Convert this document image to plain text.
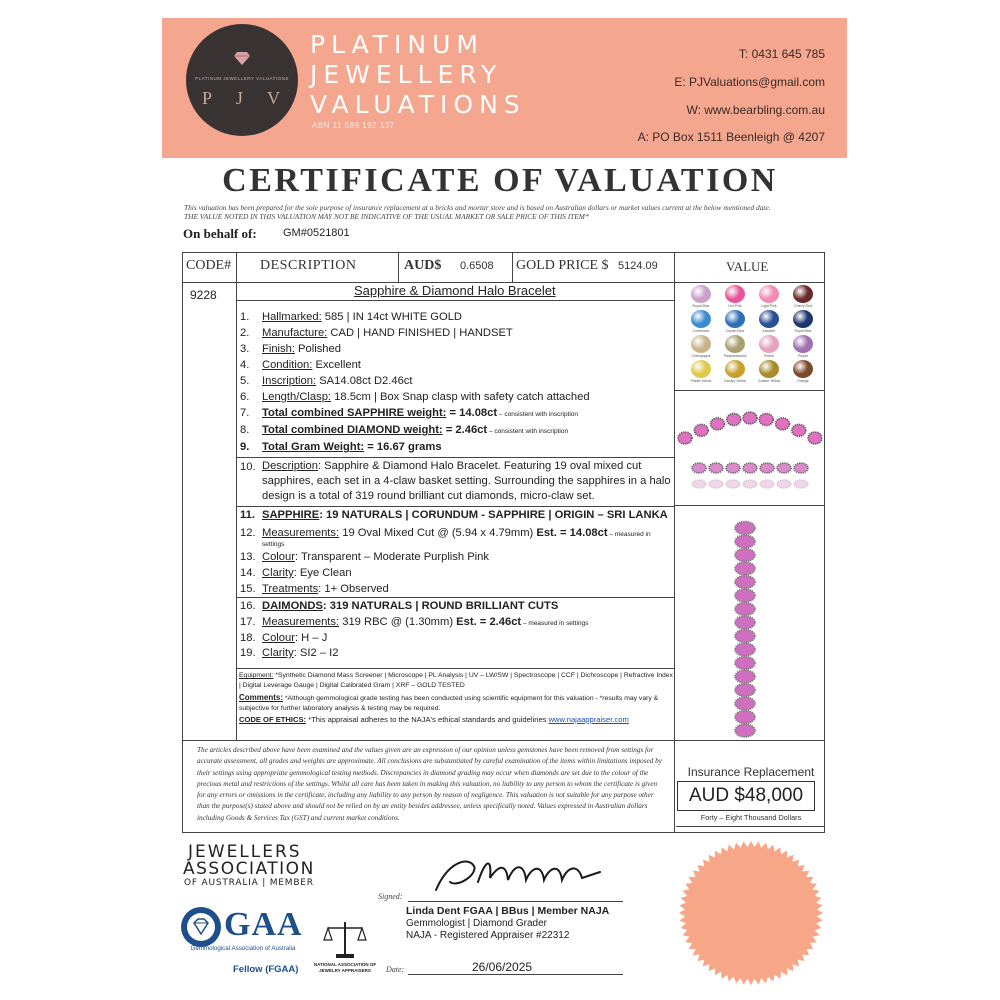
PLATINUM JEWELLERY VALUATIONS
P J V
PLATINUM
JEWELLERY
VALUATIONS
ABN 11 588 192 137
T: 0431 645 785
E: PJValuations@gmail.com
W: www.bearbling.com.au
A: PO Box 1511 Beenleigh @ 4207
CERTIFICATE OF VALUATION
This valuation has been prepared for the sole purpose of insurance replacement at a bricks and mortar store and is based on Australian dollars or market values current at the below mentioned date.
THE VALUE NOTED IN THIS VALUATION MAY NOT BE INDICATIVE OF THE USUAL MARKET OR SALE PRICE OF THIS ITEM*
On behalf of: GM#0521801
CODE# DESCRIPTION	AUD$ 0.6508 GOLD PRICE $ 5124.09	VALUE
9228	Sapphire & Diamond Halo Bracelet
1. Hallmarked: 585 | IN 14ct WHITE GOLD
2. Manufacture: CAD | HAND FINISHED | HANDSET
3. Finish: Polished
4. Condition: Excellent
5. Inscription: SA14.08ct D2.46ct
6. Length/Clasp: 18.5cm | Box Snap clasp with safety catch attached
7. Total combined SAPPHIRE weight: = 14.08ct – consistent with inscription
8. Total combined DIAMOND weight: = 2.46ct – consistent with inscription
9. Total Gram Weight: = 16.67 grams
10. Description: Sapphire & Diamond Halo Bracelet. Featuring 19 oval mixed cut sapphires, each set in a 4-claw basket setting. Surrounding the sapphires in a halo design is a total of 319 round brilliant cut diamonds, micro-claw set.
11. SAPPHIRE: 19 NATURALS | CORUNDUM - SAPPHIRE | ORIGIN – SRI LANKA
12. Measurements: 19 Oval Mixed Cut @ (5.94 x 4.79mm) Est. = 14.08ct – measured in
settings
13. Colour: Transparent – Moderate Purplish Pink
14. Clarity: Eye Clean
15. Treatments: 1+ Observed
16. DAIMONDS: 319 NATURALS | ROUND BRILLIANT CUTS
17. Measurements: 319 RBC @ (1.30mm) Est. = 2.46ct – measured in settings
18. Colour: H – J
19. Clarity: SI2 – I2
Equipment: *Synthetic Diamond Mass Screener | Microscope | PL Analysis | UV – LW/SW | Spectroscope | CCF | Dichroscope | Refractive Index | Digital Leverage Gauge | Digital Calibrated Gram | XRF – GOLD TESTED
Comments: *Although gemmological grade testing has been conducted using scientific equipment for this valuation - *results may vary & subjective for further laboratory analysis & testing may be required.
CODE OF ETHICS: *This appraisal adheres to the NAJA's ethical standards and guidelines www.najaappraiser.com
Royal Blue	Hot Pink	Light Pink	Cherry Red
Cornflower	Ceylon Blue	Kashmir	Royal Blue
Champagne	Padparadscha	Peach	Purple
Pastel Yellow	Canary Yellow	Golden Yellow	Orange
The articles described above have been examined and the values given are an expression of our opinion unless gemstones have been removed from settings for accurate assessment, all grades and weights are approximate. All conclusions are substantiated by careful examination of the items within limitations imposed by their settings using appropriate gemmological testing methods. Discrepancies in diamond grading may occur when diamonds are set due to the colour of the precious metal and restrictions of the settings. Whilst all care has been taken in making this valuation, no liability to any person to whom the certificate is given for any errors or omissions in the certificate, including any liability to any person by reason of negligence. This valuation is not suitable for any purpose other than the purpose(s) stated above and should not be relied on by an entity besides addressee, unless specifically noted. Values expressed in Australian dollars including Goods & Services Tax (GST) and current market conditions.
Insurance Replacement
AUD $48,000
Forty – Eight Thousand Dollars
JEWELLERS
ASSOCIATION
OF AUSTRALIA | MEMBER
GAA
Gemmological Association of Australia
Fellow (FGAA)	NATIONAL ASSOCIATION OF JEWELRY APPRAISERS
Signed:
Linda Dent FGAA | BBus | Member NAJA
Gemmologist | Diamond Grader
NAJA - Registered Appraiser #22312
Date:	26/06/2025
